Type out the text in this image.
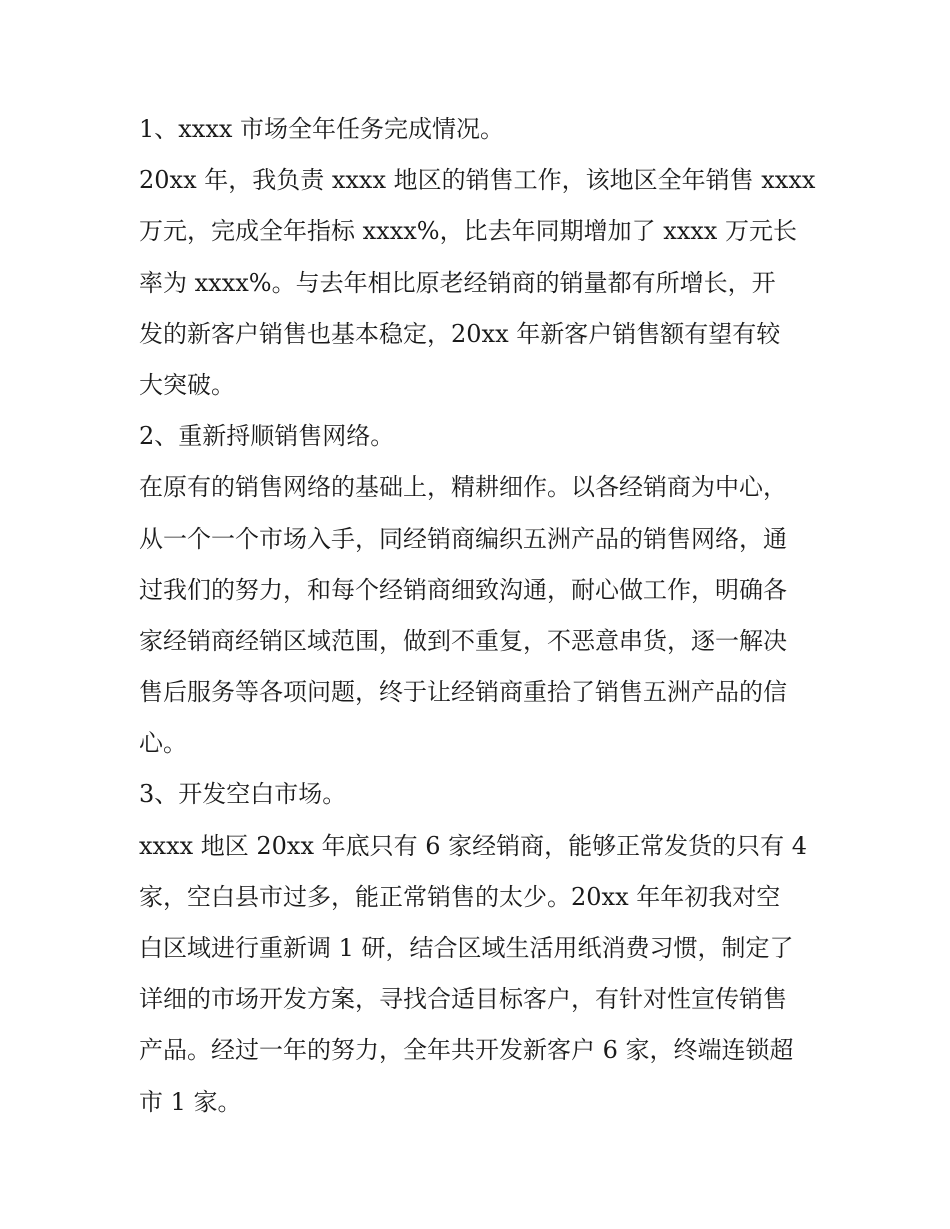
1、xxxx 市场全年任务完成情况。
20xx 年，我负责 xxxx 地区的销售工作，该地区全年销售 xxxx
万元，完成全年指标 xxxx%，比去年同期增加了 xxxx 万元长
率为 xxxx%。与去年相比原老经销商的销量都有所增长，开
发的新客户销售也基本稳定，20xx 年新客户销售额有望有较
大突破。
2、重新捋顺销售网络。
在原有的销售网络的基础上，精耕细作。以各经销商为中心，
从一个一个市场入手，同经销商编织五洲产品的销售网络，通
过我们的努力，和每个经销商细致沟通，耐心做工作，明确各
家经销商经销区域范围，做到不重复，不恶意串货，逐一解决
售后服务等各项问题，终于让经销商重拾了销售五洲产品的信
心。
3、开发空白市场。
xxxx 地区 20xx 年底只有 6 家经销商，能够正常发货的只有 4
家，空白县市过多，能正常销售的太少。20xx 年年初我对空
白区域进行重新调 1 研，结合区域生活用纸消费习惯，制定了
详细的市场开发方案，寻找合适目标客户，有针对性宣传销售
产品。经过一年的努力，全年共开发新客户 6 家，终端连锁超
市 1 家。
